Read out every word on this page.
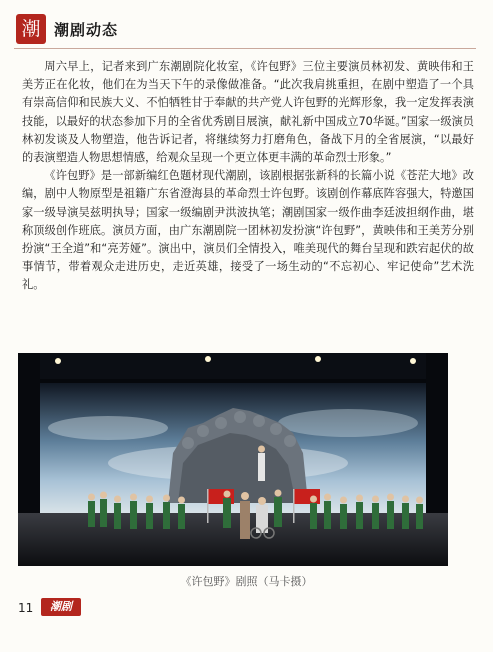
潮 潮剧动态

周六早上，记者来到广东潮剧院化妆室，《许包野》三位主要演员林初发、黄映伟和王美芳正在化妆，他们在为当天下午的录像做准备。“此次我肩挑重担，在剧中塑造了一个具有崇高信仰和民族大义、不怕牺牲甘于奉献的共产党人许包野的光辉形象，我一定发挥表演技能，以最好的状态参加下月的全省优秀剧目展演，献礼新中国成立70华诞。”国家一级演员林初发谈及人物塑造，他告诉记者，将继续努力打磨角色，备战下月的全省展演，“以最好的表演塑造人物思想情感，给观众呈现一个更立体更丰满的革命烈士形象。”

《许包野》是一部新编红色题材现代潮剧，该剧根据张新科的长篇小说《苍茫大地》改编，剧中人物原型是祖籍广东省澄海县的革命烈士许包野。该剧创作幕底阵容强大，特邀国家一级导演吴兹明执导；国家一级编剧尹洪波执笔；潮剧国家一级作曲李廷波担纲作曲，堪称顶级创作班底。演员方面，由广东潮剧院一团林初发扮演“许包野”，黄映伟和王美芳分别扮演“王全道”和“亮芳娅”。演出中，演员们全情投入，唯美现代的舞台呈现和跌宕起伏的故事情节，带着观众走进历史，走近英雄，接受了一场生动的“不忘初心、牢记使命”艺术洗礼。

《许包野》剧照（马卡摄）
11	潮剧
